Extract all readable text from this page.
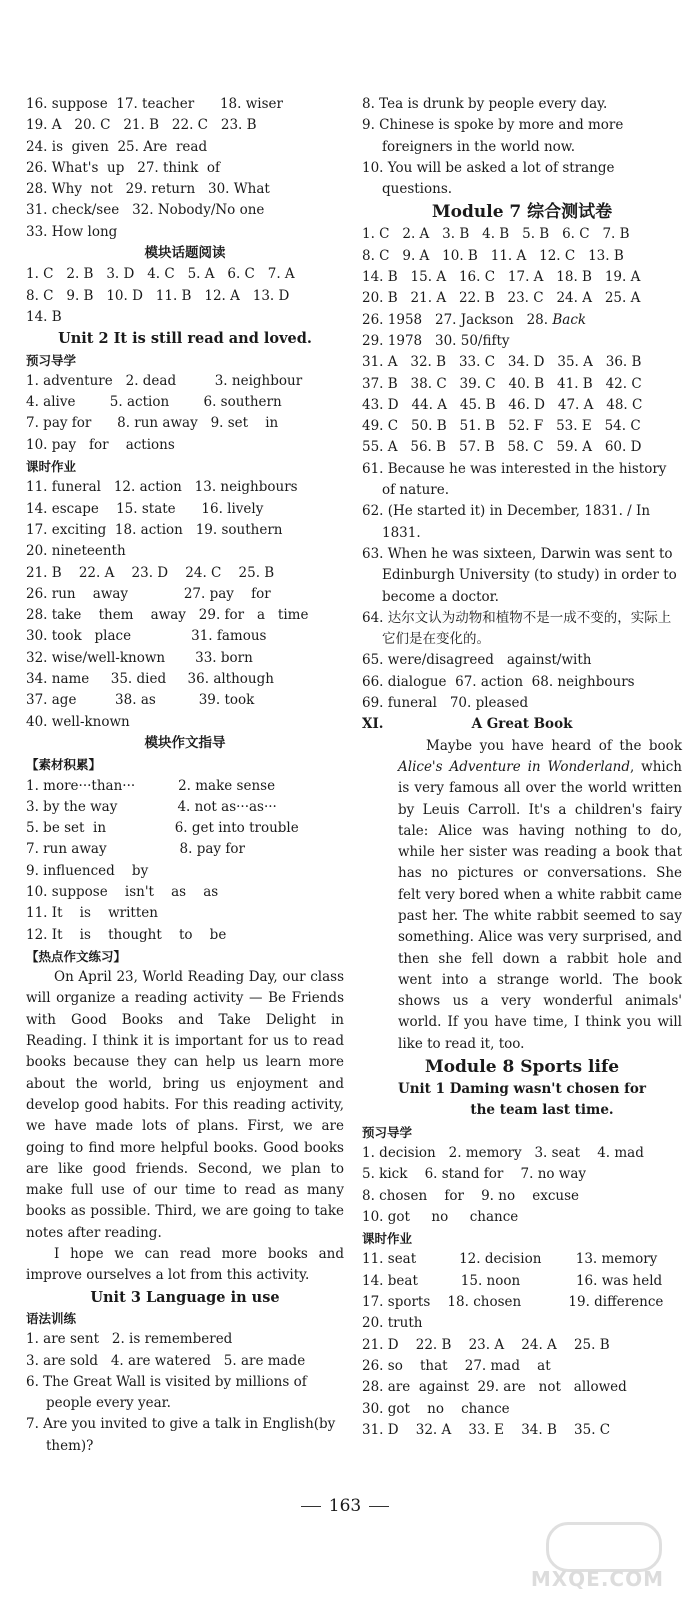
16. suppose  17. teacher      18. wiser
19. A   20. C   21. B   22. C   23. B
24. is  given  25. Are  read
26. What's  up   27. think  of
28. Why  not   29. return   30. What
31. check/see   32. Nobody/No one
33. How long
模块话题阅读
1. C   2. B   3. D   4. C   5. A   6. C   7. A
8. C   9. B   10. D   11. B   12. A   13. D
14. B
Unit 2 It is still read and loved.
预习导学
1. adventure   2. dead         3. neighbour
4. alive        5. action        6. southern
7. pay for      8. run away   9. set    in
10. pay   for    actions
课时作业
11. funeral   12. action   13. neighbours
14. escape    15. state      16. lively
17. exciting  18. action   19. southern
20. nineteenth
21. B    22. A    23. D    24. C    25. B
26. run    away             27. pay    for
28. take    them    away   29. for   a   time
30. took   place              31. famous
32. wise/well-known       33. born
34. name     35. died     36. although
37. age         38. as          39. took
40. well-known
模块作文指导
【素材积累】
1. more···than···          2. make sense
3. by the way              4. not as···as···
5. be set  in                6. get into trouble
7. run away                 8. pay for
9. influenced    by
10. suppose    isn't    as    as
11. It    is    written
12. It    is    thought    to    be
【热点作文练习】
On April 23, World Reading Day, our class will organize a reading activity — Be Friends with Good Books and Take Delight in Reading. I think it is important for us to read books because they can help us learn more about the world, bring us enjoyment and develop good habits. For this reading activity, we have made lots of plans. First, we are going to find more helpful books. Good books are like good friends. Second, we plan to make full use of our time to read as many books as possible. Third, we are going to take notes after reading.
I hope we can read more books and improve ourselves a lot from this activity.
Unit 3 Language in use
语法训练
1. are sent   2. is remembered
3. are sold   4. are watered   5. are made
6. The Great Wall is visited by millions of people every year.
7. Are you invited to give a talk in English(by them)?
8. Tea is drunk by people every day.
9. Chinese is spoke by more and more foreigners in the world now.
10. You will be asked a lot of strange questions.
Module 7 综合测试卷
1. C   2. A   3. B   4. B   5. B   6. C   7. B
8. C   9. A   10. B   11. A   12. C   13. B
14. B   15. A   16. C   17. A   18. B   19. A
20. B   21. A   22. B   23. C   24. A   25. A
26. 1958   27. Jackson   28. Back
29. 1978   30. 50/fifty
31. A   32. B   33. C   34. D   35. A   36. B
37. B   38. C   39. C   40. B   41. B   42. C
43. D   44. A   45. B   46. D   47. A   48. C
49. C   50. B   51. B   52. F   53. E   54. C
55. A   56. B   57. B   58. C   59. A   60. D
61. Because he was interested in the history of nature.
62. (He started it) in December, 1831. / In 1831.
63. When he was sixteen, Darwin was sent to Edinburgh University (to study) in order to become a doctor.
64. 达尔文认为动物和植物不是一成不变的，实际上它们是在变化的。
65. were/disagreed   against/with
66. dialogue  67. action  68. neighbours
69. funeral   70. pleased
XI.	A Great Book
Maybe you have heard of the book Alice's Adventure in Wonderland, which is very famous all over the world written by Leuis Carroll. It's a children's fairy tale: Alice was having nothing to do, while her sister was reading a book that has no pictures or conversations. She felt very bored when a white rabbit came past her. The white rabbit seemed to say something. Alice was very surprised, and then she fell down a rabbit hole and went into a strange world. The book shows us a very wonderful animals' world. If you have time, I think you will like to read it, too.
Module 8 Sports life
Unit 1 Daming wasn't chosen for
the team last time.
预习导学
1. decision   2. memory   3. seat    4. mad
5. kick    6. stand for    7. no way
8. chosen    for    9. no    excuse
10. got     no     chance
课时作业
11. seat          12. decision        13. memory
14. beat          15. noon             16. was held
17. sports    18. chosen           19. difference
20. truth
21. D    22. B    23. A    24. A    25. B
26. so    that    27. mad    at
28. are  against  29. are   not   allowed
30. got    no    chance
31. D    32. A    33. E    34. B    35. C
163
MXQE.COM
